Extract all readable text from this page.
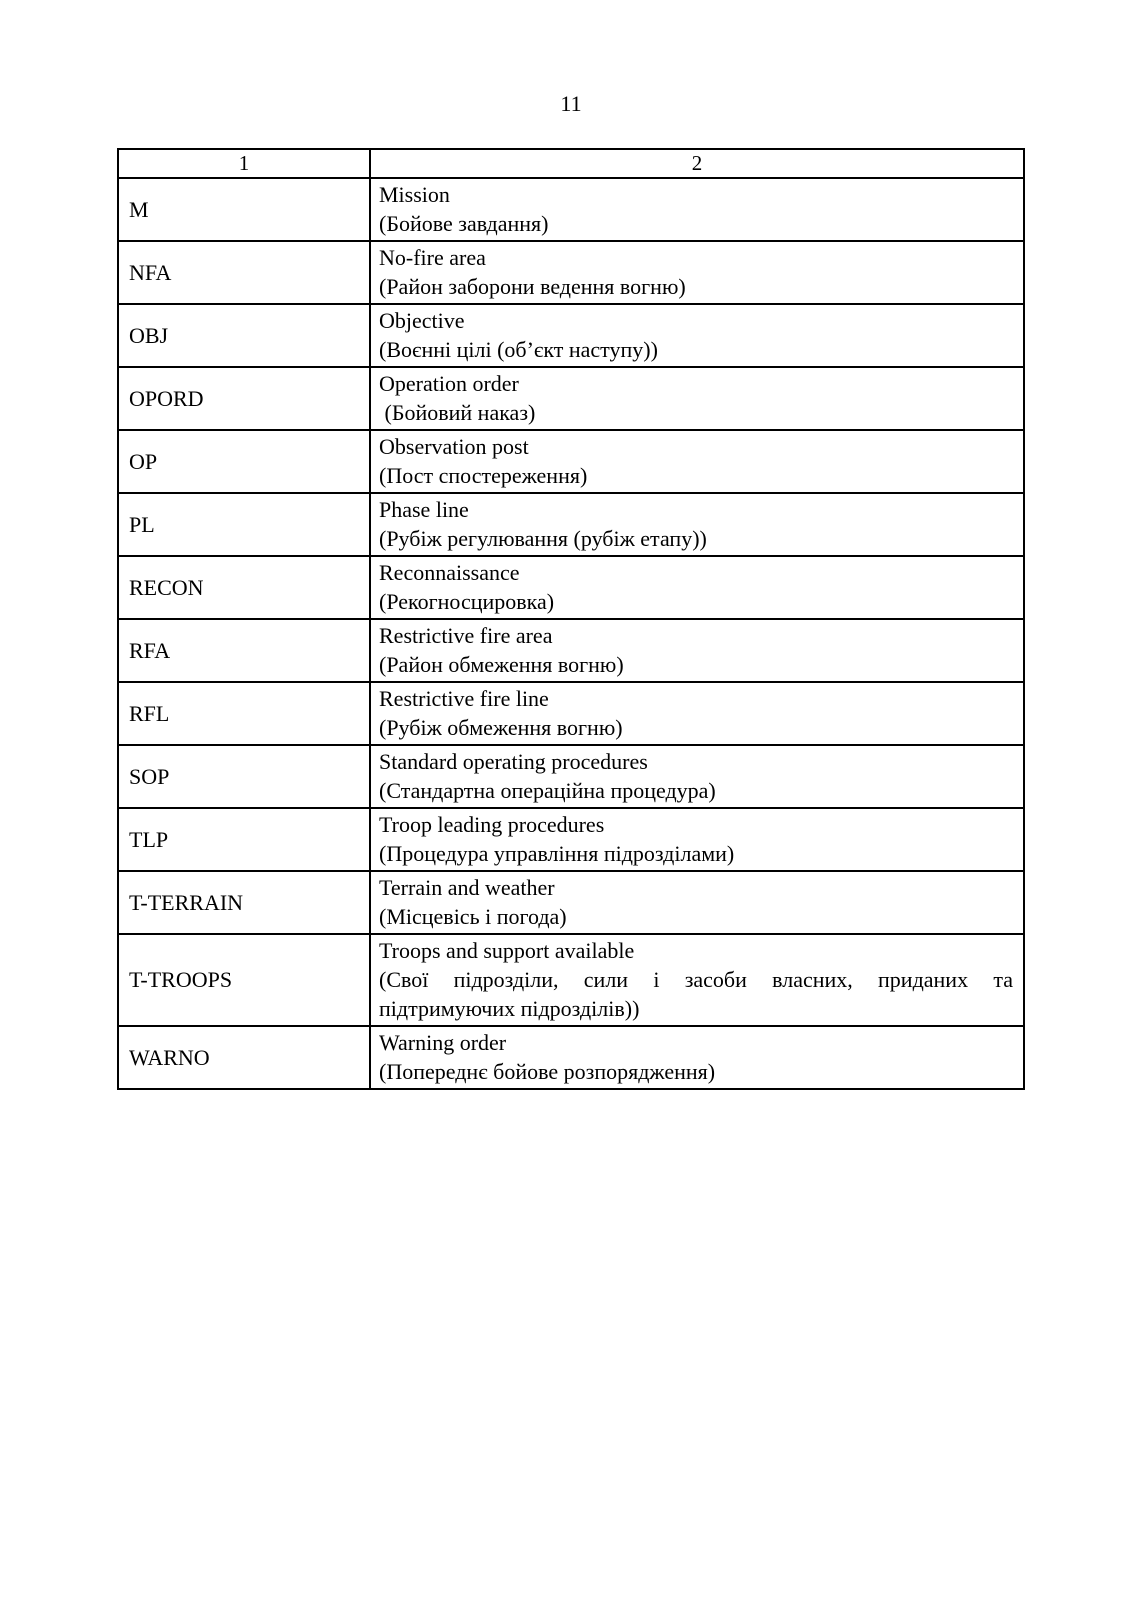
11
1	2
M	Mission
(Бойове завдання)

NFA	No-fire area
(Район заборони ведення вогню)

OBJ	Objective
(Воєнні цілі (об’єкт наступу))

OPORD	Operation order
(Бойовий наказ)

OP	Observation post
(Пост спостереження)

PL	Phase line
(Рубіж регулювання (рубіж етапу))

RECON	Reconnaissance
(Рекогносцировка)

RFA	Restrictive fire area
(Район обмеження вогню)

RFL	Restrictive fire line
(Рубіж обмеження вогню)

SOP	Standard operating procedures
(Стандартна операційна процедура)

TLP	Troop leading procedures
(Процедура управління підрозділами)

T-TERRAIN	Terrain and weather
(Місцевісь і погода)

T-TROOPS	Troops and support available
(Свої підрозділи, сили і засоби власних, приданих та підтримуючих підрозділів))

WARNO	Warning order
(Попереднє бойове розпорядження)
